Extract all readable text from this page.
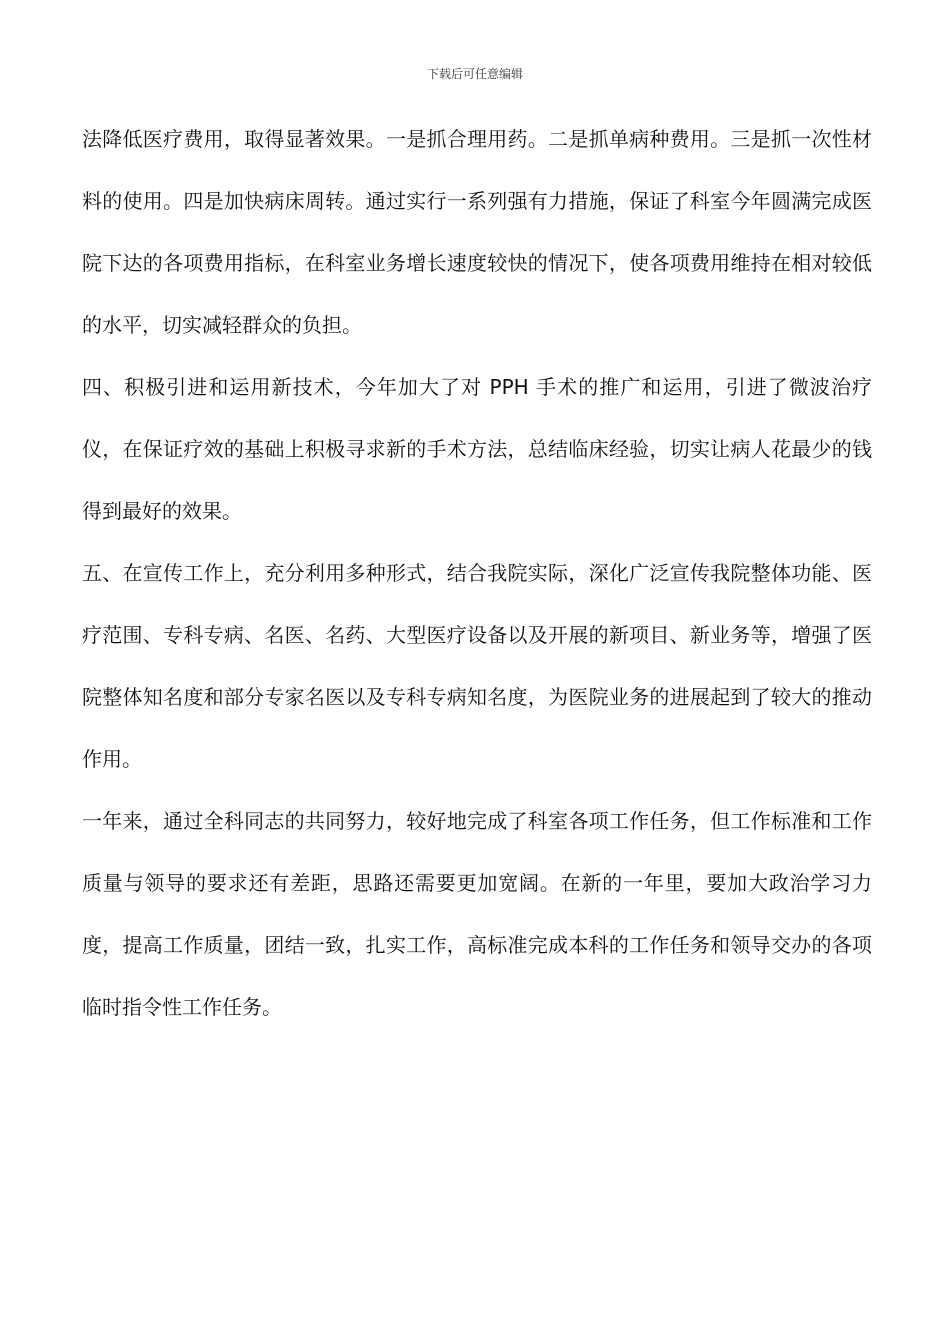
下载后可任意编辑

法降低医疗费用，取得显著效果。一是抓合理用药。二是抓单病种费用。三是抓一次性材料的使用。四是加快病床周转。通过实行一系列强有力措施，保证了科室今年圆满完成医院下达的各项费用指标，在科室业务增长速度较快的情况下，使各项费用维持在相对较低的水平，切实减轻群众的负担。

四、积极引进和运用新技术，今年加大了对 PPH 手术的推广和运用，引进了微波治疗仪，在保证疗效的基础上积极寻求新的手术方法，总结临床经验，切实让病人花最少的钱得到最好的效果。

五、在宣传工作上，充分利用多种形式，结合我院实际，深化广泛宣传我院整体功能、医疗范围、专科专病、名医、名药、大型医疗设备以及开展的新项目、新业务等，增强了医院整体知名度和部分专家名医以及专科专病知名度，为医院业务的进展起到了较大的推动作用。

一年来，通过全科同志的共同努力，较好地完成了科室各项工作任务，但工作标准和工作质量与领导的要求还有差距，思路还需要更加宽阔。在新的一年里，要加大政治学习力度，提高工作质量，团结一致，扎实工作，高标准完成本科的工作任务和领导交办的各项临时指令性工作任务。
